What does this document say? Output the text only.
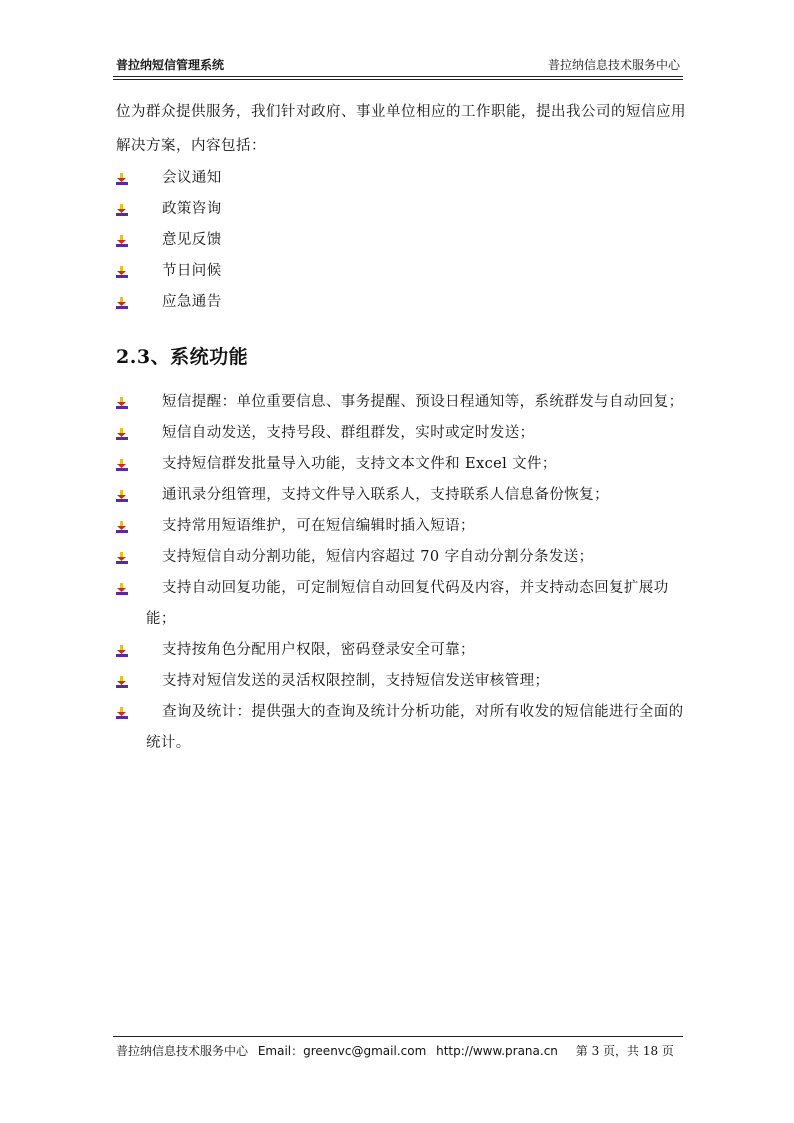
普拉纳短信管理系统	普拉纳信息技术服务中心

位为群众提供服务，我们针对政府、事业单位相应的工作职能，提出我公司的短信应用解决方案，内容包括：

会议通知
政策咨询
意见反馈
节日问候
应急通告
2.3、系统功能
短信提醒：单位重要信息、事务提醒、预设日程通知等，系统群发与自动回复；
短信自动发送，支持号段、群组群发，实时或定时发送；
支持短信群发批量导入功能，支持文本文件和 Excel 文件；
通讯录分组管理，支持文件导入联系人，支持联系人信息备份恢复；
支持常用短语维护，可在短信编辑时插入短语；
支持短信自动分割功能，短信内容超过 70 字自动分割分条发送；
支持自动回复功能，可定制短信自动回复代码及内容，并支持动态回复扩展功能；
支持按角色分配用户权限，密码登录安全可靠；
支持对短信发送的灵活权限控制，支持短信发送审核管理；
查询及统计：提供强大的查询及统计分析功能，对所有收发的短信能进行全面的统计。
普拉纳信息技术服务中心 Email：greenvc@gmail.com http://www.prana.cn 第 3 页，共 18 页
